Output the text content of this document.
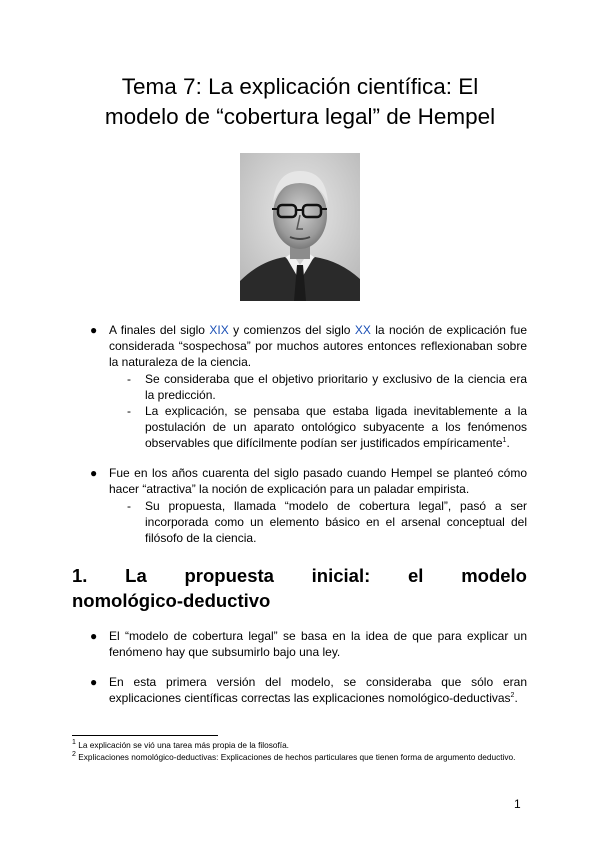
Tema 7: La explicación científica: El
modelo de “cobertura legal” de Hempel
● A finales del siglo XIX y comienzos del siglo XX la noción de explicación fue considerada “sospechosa” por muchos autores entonces reflexionaban sobre la naturaleza de la ciencia.
- Se consideraba que el objetivo prioritario y exclusivo de la ciencia era la predicción.
- La explicación, se pensaba que estaba ligada inevitablemente a la postulación de un aparato ontológico subyacente a los fenómenos observables que difícilmente podían ser justificados empíricamente$^1$.
● Fue en los años cuarenta del siglo pasado cuando Hempel se planteó cómo hacer “atractiva” la noción de explicación para un paladar empirista.
- Su propuesta, llamada “modelo de cobertura legal”, pasó a ser incorporada como un elemento básico en el arsenal conceptual del filósofo de la ciencia.
1. La propuesta inicial: el modelo
nomológico-deductivo
● El “modelo de cobertura legal” se basa en la idea de que para explicar un fenómeno hay que subsumirlo bajo una ley.
● En esta primera versión del modelo, se consideraba que sólo eran explicaciones científicas correctas las explicaciones nomológico-deductivas$^2$.

$^1$ La explicación se vió una tarea más propia de la filosofía.

$^2$ Explicaciones nomológico-deductivas: Explicaciones de hechos particulares que tienen forma de argumento deductivo.

1
